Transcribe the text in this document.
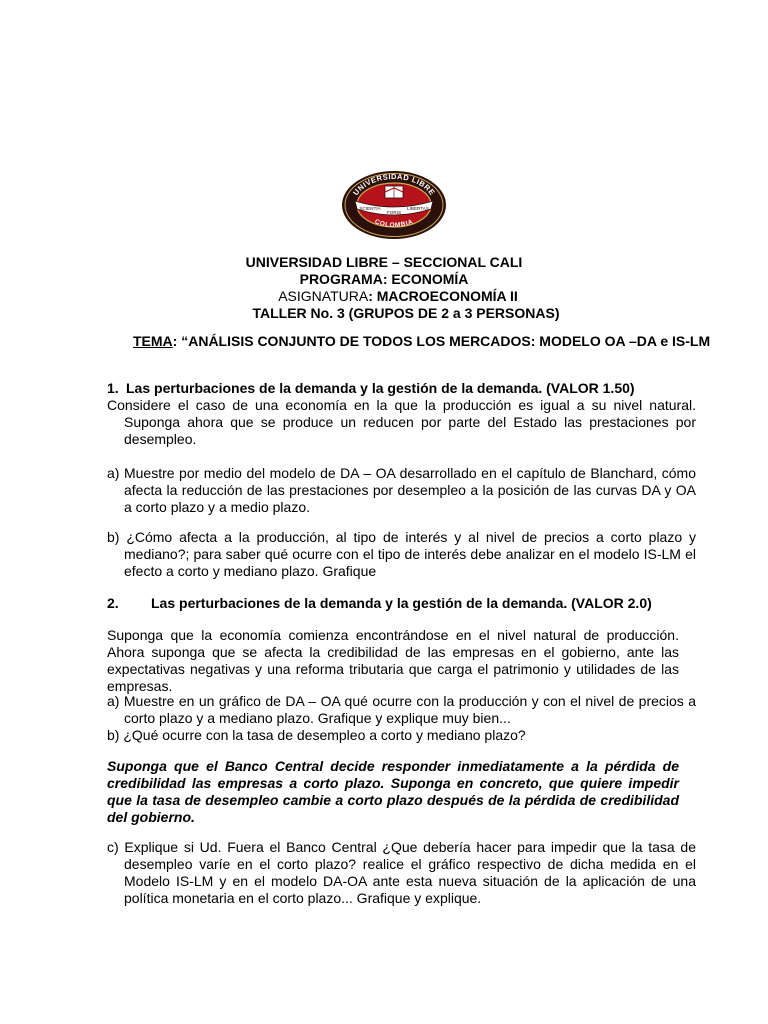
UNIVERSIDAD LIBRE
COLOMBIA
SCIENTIA
FORIS
LIBERTAS
UNIVERSIDAD LIBRE – SECCIONAL CALI
PROGRAMA: ECONOMÍA
ASIGNATURA: MACROECONOMÍA II
TALLER No. 3 (GRUPOS DE 2 a 3 PERSONAS)
TEMA: “ANÁLISIS CONJUNTO DE TODOS LOS MERCADOS: MODELO OA –DA e IS-LM
1. Las perturbaciones de la demanda y la gestión de la demanda. (VALOR 1.50)
Considere el caso de una economía en la que la producción es igual a su nivel natural. Suponga ahora que se produce un reducen por parte del Estado las prestaciones por desempleo.
a) Muestre por medio del modelo de DA – OA desarrollado en el capítulo de Blanchard, cómo afecta la reducción de las prestaciones por desempleo a la posición de las curvas DA y OA a corto plazo y a medio plazo.
b) ¿Cómo afecta a la producción, al tipo de interés y al nivel de precios a corto plazo y mediano?; para saber qué ocurre con el tipo de interés debe analizar en el modelo IS-LM el efecto a corto y mediano plazo. Grafique
2. Las perturbaciones de la demanda y la gestión de la demanda. (VALOR 2.0)
Suponga que la economía comienza encontrándose en el nivel natural de producción. Ahora suponga que se afecta la credibilidad de las empresas en el gobierno, ante las expectativas negativas y una reforma tributaria que carga el patrimonio y utilidades de las empresas.
a) Muestre en un gráfico de DA – OA qué ocurre con la producción y con el nivel de precios a corto plazo y a mediano plazo. Grafique y explique muy bien...
b) ¿Qué ocurre con la tasa de desempleo a corto y mediano plazo?
Suponga que el Banco Central decide responder inmediatamente a la pérdida de credibilidad las empresas a corto plazo. Suponga en concreto, que quiere impedir que la tasa de desempleo cambie a corto plazo después de la pérdida de credibilidad del gobierno.
c) Explique si Ud. Fuera el Banco Central ¿Que debería hacer para impedir que la tasa de desempleo varíe en el corto plazo? realice el gráfico respectivo de dicha medida en el Modelo IS-LM y en el modelo DA-OA ante esta nueva situación de la aplicación de una política monetaria en el corto plazo... Grafique y explique.
